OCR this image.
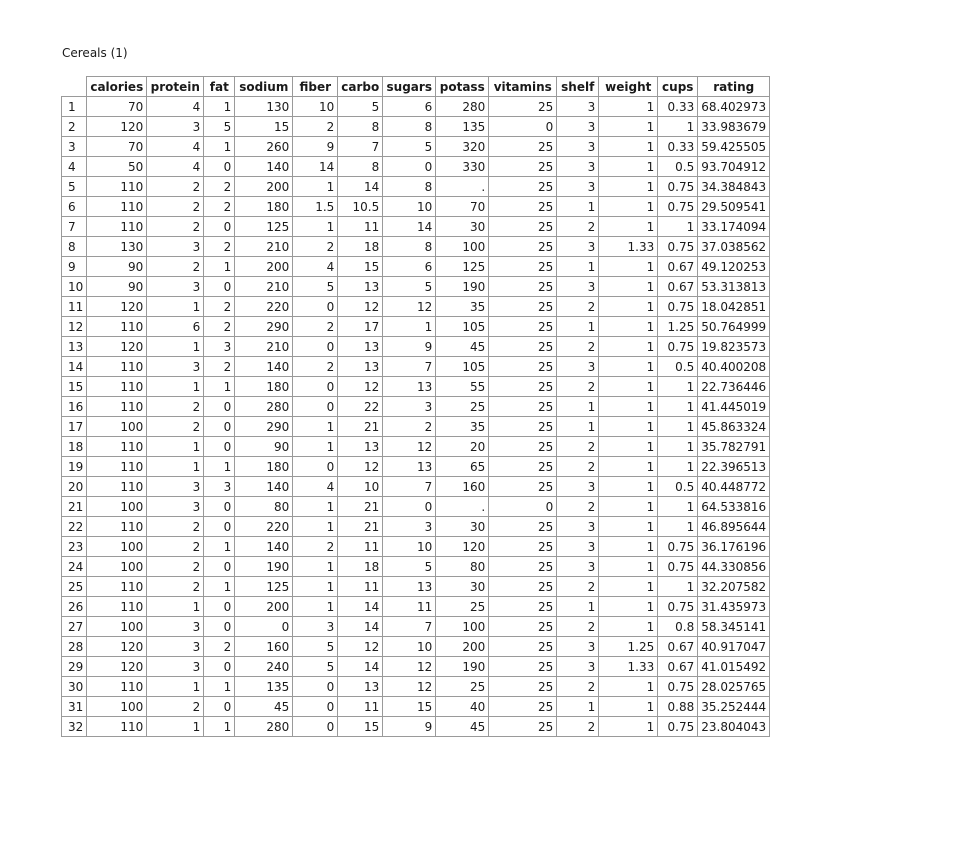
Cereals (1)
	calories	protein	fat	sodium	fiber	carbo	sugars	potass	vitamins	shelf	weight	cups	rating
1	70	4	1	130	10	5	6	280	25	3	1	0.33	68.402973
2	120	3	5	15	2	8	8	135	0	3	1	1	33.983679
3	70	4	1	260	9	7	5	320	25	3	1	0.33	59.425505
4	50	4	0	140	14	8	0	330	25	3	1	0.5	93.704912
5	110	2	2	200	1	14	8	.	25	3	1	0.75	34.384843
6	110	2	2	180	1.5	10.5	10	70	25	1	1	0.75	29.509541
7	110	2	0	125	1	11	14	30	25	2	1	1	33.174094
8	130	3	2	210	2	18	8	100	25	3	1.33	0.75	37.038562
9	90	2	1	200	4	15	6	125	25	1	1	0.67	49.120253
10	90	3	0	210	5	13	5	190	25	3	1	0.67	53.313813
11	120	1	2	220	0	12	12	35	25	2	1	0.75	18.042851
12	110	6	2	290	2	17	1	105	25	1	1	1.25	50.764999
13	120	1	3	210	0	13	9	45	25	2	1	0.75	19.823573
14	110	3	2	140	2	13	7	105	25	3	1	0.5	40.400208
15	110	1	1	180	0	12	13	55	25	2	1	1	22.736446
16	110	2	0	280	0	22	3	25	25	1	1	1	41.445019
17	100	2	0	290	1	21	2	35	25	1	1	1	45.863324
18	110	1	0	90	1	13	12	20	25	2	1	1	35.782791
19	110	1	1	180	0	12	13	65	25	2	1	1	22.396513
20	110	3	3	140	4	10	7	160	25	3	1	0.5	40.448772
21	100	3	0	80	1	21	0	.	0	2	1	1	64.533816
22	110	2	0	220	1	21	3	30	25	3	1	1	46.895644
23	100	2	1	140	2	11	10	120	25	3	1	0.75	36.176196
24	100	2	0	190	1	18	5	80	25	3	1	0.75	44.330856
25	110	2	1	125	1	11	13	30	25	2	1	1	32.207582
26	110	1	0	200	1	14	11	25	25	1	1	0.75	31.435973
27	100	3	0	0	3	14	7	100	25	2	1	0.8	58.345141
28	120	3	2	160	5	12	10	200	25	3	1.25	0.67	40.917047
29	120	3	0	240	5	14	12	190	25	3	1.33	0.67	41.015492
30	110	1	1	135	0	13	12	25	25	2	1	0.75	28.025765
31	100	2	0	45	0	11	15	40	25	1	1	0.88	35.252444
32	110	1	1	280	0	15	9	45	25	2	1	0.75	23.804043
